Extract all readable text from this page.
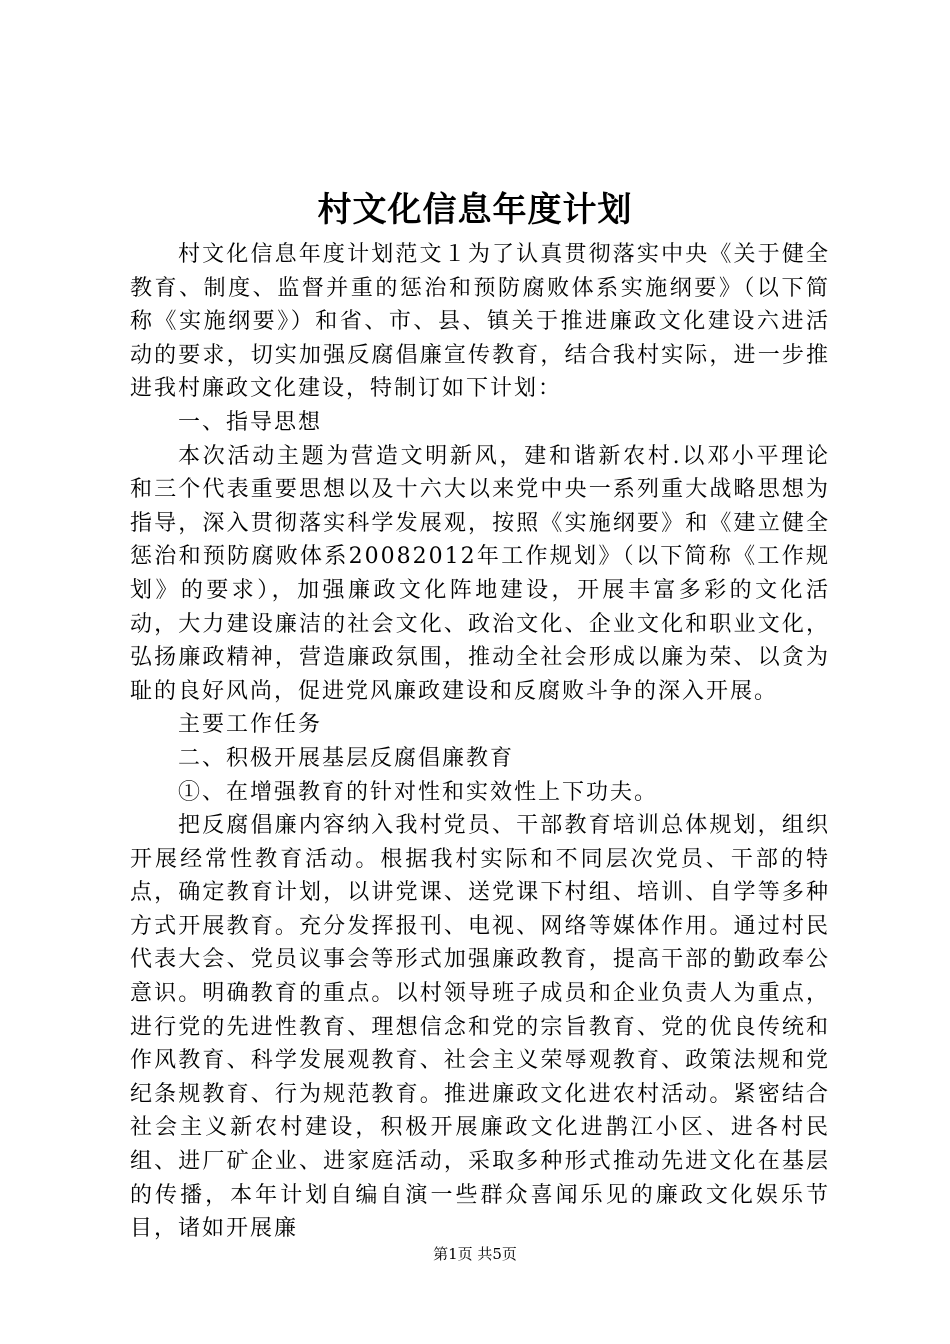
村文化信息年度计划

村文化信息年度计划范文１为了认真贯彻落实中央《关于健全教育、制度、监督并重的惩治和预防腐败体系实施纲要》（以下简称《实施纲要》）和省、市、县、镇关于推进廉政文化建设六进活动的要求，切实加强反腐倡廉宣传教育，结合我村实际，进一步推进我村廉政文化建设，特制订如下计划：

一、指导思想

本次活动主题为营造文明新风，建和谐新农村.以邓小平理论和三个代表重要思想以及十六大以来党中央一系列重大战略思想为指导，深入贯彻落实科学发展观，按照《实施纲要》和《建立健全惩治和预防腐败体系20082012年工作规划》（以下简称《工作规划》的要求），加强廉政文化阵地建设，开展丰富多彩的文化活动，大力建设廉洁的社会文化、政治文化、企业文化和职业文化，弘扬廉政精神，营造廉政氛围，推动全社会形成以廉为荣、以贪为耻的良好风尚，促进党风廉政建设和反腐败斗争的深入开展。

主要工作任务

二、积极开展基层反腐倡廉教育

①、在增强教育的针对性和实效性上下功夫。

把反腐倡廉内容纳入我村党员、干部教育培训总体规划，组织开展经常性教育活动。根据我村实际和不同层次党员、干部的特点，确定教育计划，以讲党课、送党课下村组、培训、自学等多种方式开展教育。充分发挥报刊、电视、网络等媒体作用。通过村民代表大会、党员议事会等形式加强廉政教育，提高干部的勤政奉公意识。明确教育的重点。以村领导班子成员和企业负责人为重点，进行党的先进性教育、理想信念和党的宗旨教育、党的优良传统和作风教育、科学发展观教育、社会主义荣辱观教育、政策法规和党纪条规教育、行为规范教育。推进廉政文化进农村活动。紧密结合社会主义新农村建设，积极开展廉政文化进鹊江小区、进各村民组、进厂矿企业、进家庭活动，采取多种形式推动先进文化在基层的传播，本年计划自编自演一些群众喜闻乐见的廉政文化娱乐节目，诸如开展廉

第1页 共5页
